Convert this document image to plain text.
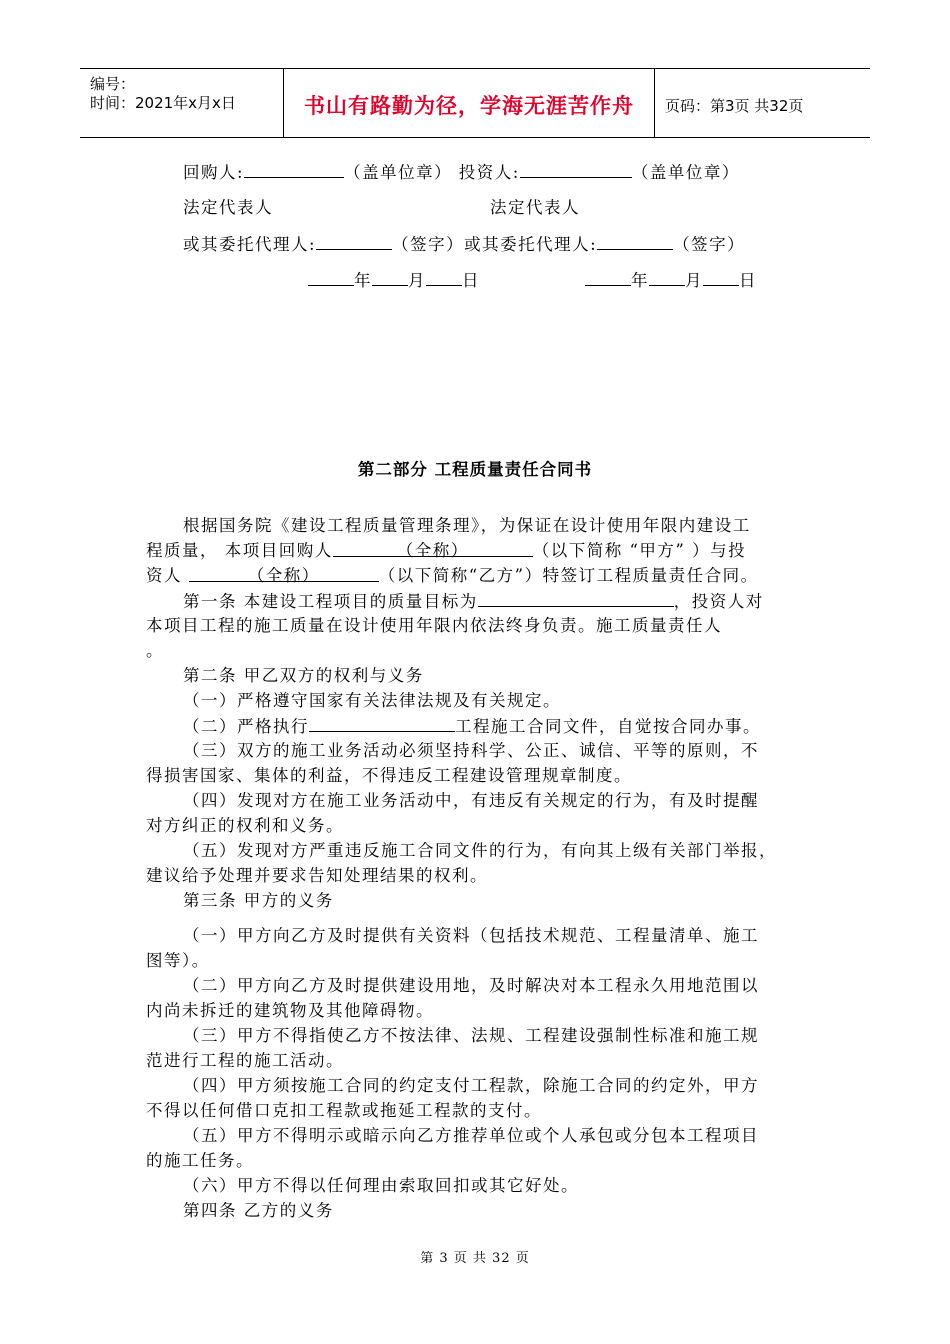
编号：
时间：2021年x月x日	书山有路勤为径，学海无涯苦作舟 页码：第3页 共32页
回购人:	（盖单位章） 投资人:	（盖单位章）
法定代表人	法定代表人
或其委托代理人:	（签字）或其委托代理人:	（签字）
年 月 日	年 月 日
第二部分 工程质量责任合同书
根据国务院《建设工程质量管理条理》，为保证在设计使用年限内建设工
程质量， 本项目回购人	（全称）	（以下简称 “甲方” ）与投
资人	（全称）	（以下简称“乙方”）特签订工程质量责任合同。
第一条 本建设工程项目的质量目标为	，投资人对
本项目工程的施工质量在设计使用年限内依法终身负责。施工质量责任人
。
第二条 甲乙双方的权利与义务
（一）严格遵守国家有关法律法规及有关规定。
（二）严格执行	工程施工合同文件，自觉按合同办事。
（三）双方的施工业务活动必须坚持科学、公正、诚信、平等的原则，不
得损害国家、集体的利益，不得违反工程建设管理规章制度。
（四）发现对方在施工业务活动中，有违反有关规定的行为，有及时提醒
对方纠正的权利和义务。
（五）发现对方严重违反施工合同文件的行为，有向其上级有关部门举报，
建议给予处理并要求告知处理结果的权利。
第三条 甲方的义务
（一）甲方向乙方及时提供有关资料（包括技术规范、工程量清单、施工
图等）。
（二）甲方向乙方及时提供建设用地，及时解决对本工程永久用地范围以
内尚未拆迁的建筑物及其他障碍物。
（三）甲方不得指使乙方不按法律、法规、工程建设强制性标准和施工规
范进行工程的施工活动。
（四）甲方须按施工合同的约定支付工程款，除施工合同的约定外，甲方
不得以任何借口克扣工程款或拖延工程款的支付。
（五）甲方不得明示或暗示向乙方推荐单位或个人承包或分包本工程项目
的施工任务。
（六）甲方不得以任何理由索取回扣或其它好处。
第四条 乙方的义务
第 3 页 共 32 页
